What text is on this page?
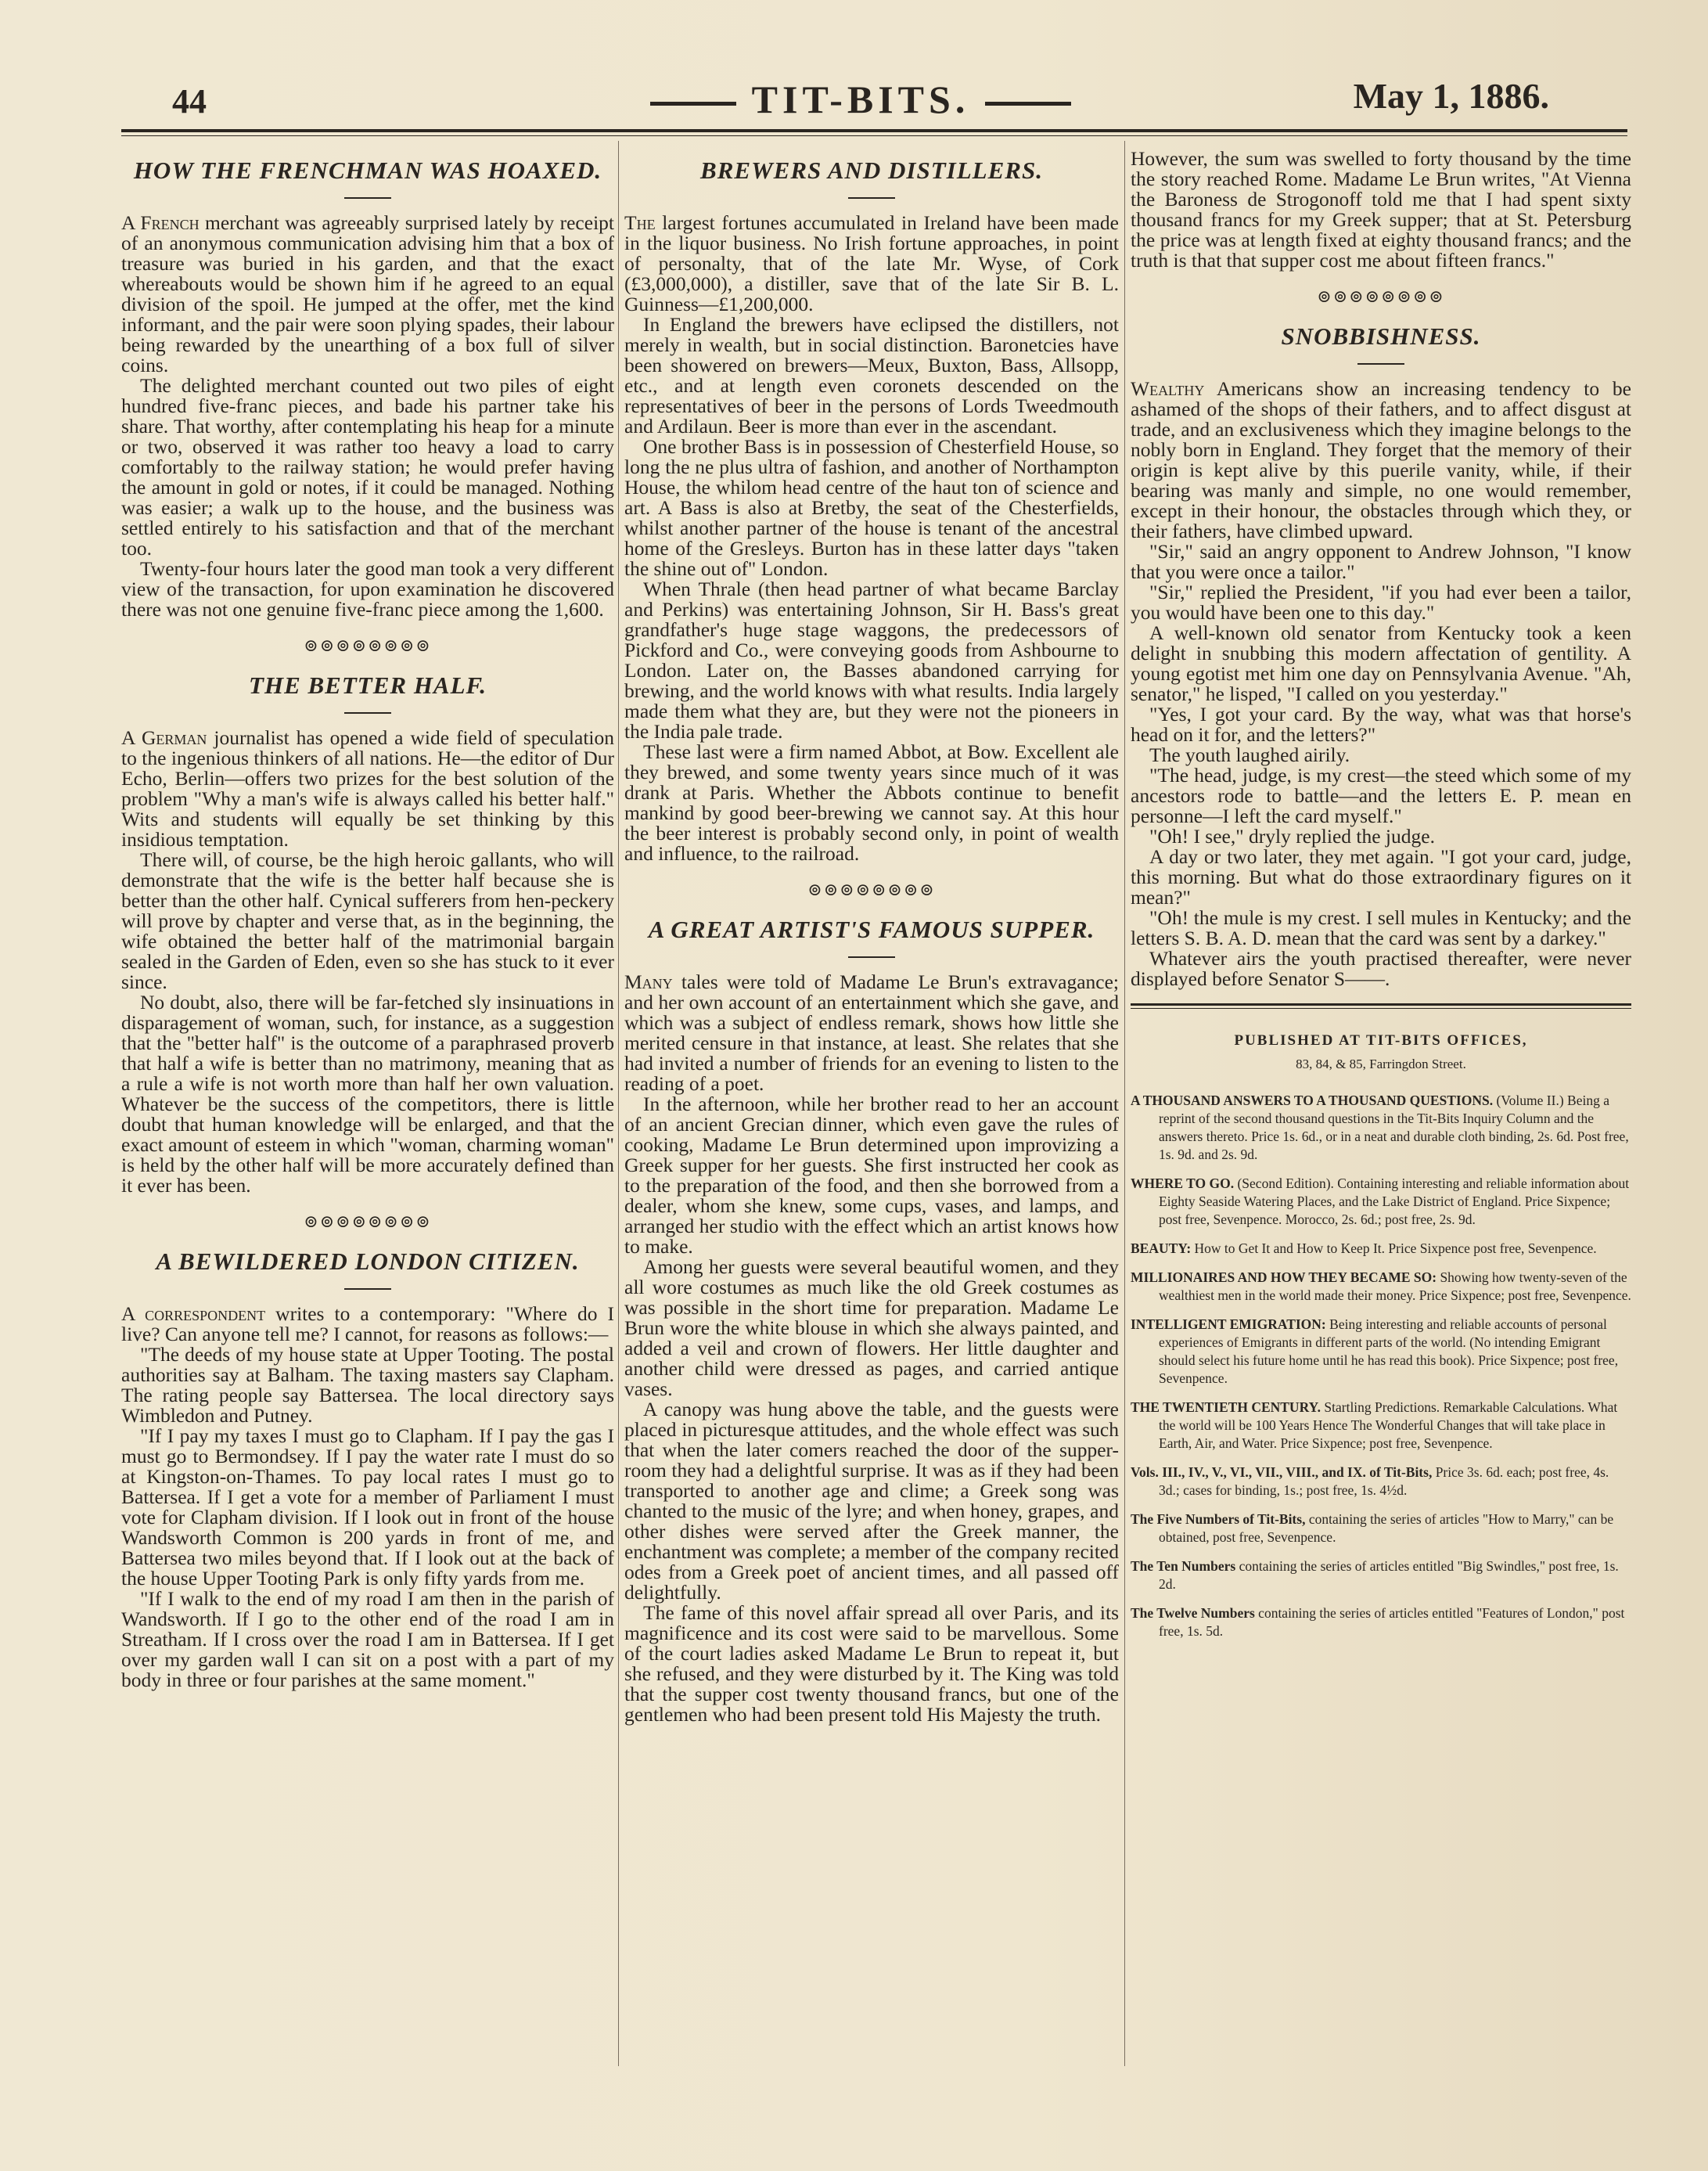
44	TIT-BITS.	May 1, 1886.
HOW THE FRENCHMAN WAS HOAXED.

A French merchant was agreeably surprised lately by receipt of an anonymous communication advising him that a box of treasure was buried in his garden, and that the exact whereabouts would be shown him if he agreed to an equal division of the spoil. He jumped at the offer, met the kind informant, and the pair were soon plying spades, their labour being rewarded by the unearthing of a box full of silver coins.

The delighted merchant counted out two piles of eight hundred five-franc pieces, and bade his partner take his share. That worthy, after contemplating his heap for a minute or two, observed it was rather too heavy a load to carry comfortably to the railway station; he would prefer having the amount in gold or notes, if it could be managed. Nothing was easier; a walk up to the house, and the business was settled entirely to his satisfaction and that of the merchant too.

Twenty-four hours later the good man took a very different view of the transaction, for upon examination he discovered there was not one genuine five-franc piece among the 1,600.

⊚⊚⊚⊚⊚⊚⊚⊚
THE BETTER HALF.

A German journalist has opened a wide field of speculation to the ingenious thinkers of all nations. He—the editor of Dur Echo, Berlin—offers two prizes for the best solution of the problem "Why a man's wife is always called his better half." Wits and students will equally be set thinking by this insidious temptation.

There will, of course, be the high heroic gallants, who will demonstrate that the wife is the better half because she is better than the other half. Cynical sufferers from hen-peckery will prove by chapter and verse that, as in the beginning, the wife obtained the better half of the matrimonial bargain sealed in the Garden of Eden, even so she has stuck to it ever since.

No doubt, also, there will be far-fetched sly insinuations in disparagement of woman, such, for instance, as a suggestion that the "better half" is the outcome of a paraphrased proverb that half a wife is better than no matrimony, meaning that as a rule a wife is not worth more than half her own valuation. Whatever be the success of the competitors, there is little doubt that human knowledge will be enlarged, and that the exact amount of esteem in which "woman, charming woman" is held by the other half will be more accurately defined than it ever has been.

⊚⊚⊚⊚⊚⊚⊚⊚
A BEWILDERED LONDON CITIZEN.

A correspondent writes to a contemporary: "Where do I live? Can anyone tell me? I cannot, for reasons as follows:—

"The deeds of my house state at Upper Tooting. The postal authorities say at Balham. The taxing masters say Clapham. The rating people say Battersea. The local directory says Wimbledon and Putney.

"If I pay my taxes I must go to Clapham. If I pay the gas I must go to Bermondsey. If I pay the water rate I must do so at Kingston-on-Thames. To pay local rates I must go to Battersea. If I get a vote for a member of Parliament I must vote for Clapham division. If I look out in front of the house Wandsworth Common is 200 yards in front of me, and Battersea two miles beyond that. If I look out at the back of the house Upper Tooting Park is only fifty yards from me.

"If I walk to the end of my road I am then in the parish of Wandsworth. If I go to the other end of the road I am in Streatham. If I cross over the road I am in Battersea. If I get over my garden wall I can sit on a post with a part of my body in three or four parishes at the same moment."

BREWERS AND DISTILLERS.

The largest fortunes accumulated in Ireland have been made in the liquor business. No Irish fortune approaches, in point of personalty, that of the late Mr. Wyse, of Cork (£3,000,000), a distiller, save that of the late Sir B. L. Guinness—£1,200,000.

In England the brewers have eclipsed the distillers, not merely in wealth, but in social distinction. Baronetcies have been showered on brewers—Meux, Buxton, Bass, Allsopp, etc., and at length even coronets descended on the representatives of beer in the persons of Lords Tweedmouth and Ardilaun. Beer is more than ever in the ascendant.

One brother Bass is in possession of Chesterfield House, so long the ne plus ultra of fashion, and another of Northampton House, the whilom head centre of the haut ton of science and art. A Bass is also at Bretby, the seat of the Chesterfields, whilst another partner of the house is tenant of the ancestral home of the Gresleys. Burton has in these latter days "taken the shine out of" London.

When Thrale (then head partner of what became Barclay and Perkins) was entertaining Johnson, Sir H. Bass's great grandfather's huge stage waggons, the predecessors of Pickford and Co., were conveying goods from Ashbourne to London. Later on, the Basses abandoned carrying for brewing, and the world knows with what results. India largely made them what they are, but they were not the pioneers in the India pale trade.

These last were a firm named Abbot, at Bow. Excellent ale they brewed, and some twenty years since much of it was drank at Paris. Whether the Abbots continue to benefit mankind by good beer-brewing we cannot say. At this hour the beer interest is probably second only, in point of wealth and influence, to the railroad.

⊚⊚⊚⊚⊚⊚⊚⊚
A GREAT ARTIST'S FAMOUS SUPPER.

Many tales were told of Madame Le Brun's extravagance; and her own account of an entertainment which she gave, and which was a subject of endless remark, shows how little she merited censure in that instance, at least. She relates that she had invited a number of friends for an evening to listen to the reading of a poet.

In the afternoon, while her brother read to her an account of an ancient Grecian dinner, which even gave the rules of cooking, Madame Le Brun determined upon improvizing a Greek supper for her guests. She first instructed her cook as to the preparation of the food, and then she borrowed from a dealer, whom she knew, some cups, vases, and lamps, and arranged her studio with the effect which an artist knows how to make.

Among her guests were several beautiful women, and they all wore costumes as much like the old Greek costumes as was possible in the short time for preparation. Madame Le Brun wore the white blouse in which she always painted, and added a veil and crown of flowers. Her little daughter and another child were dressed as pages, and carried antique vases.

A canopy was hung above the table, and the guests were placed in picturesque attitudes, and the whole effect was such that when the later comers reached the door of the supper-room they had a delightful surprise. It was as if they had been transported to another age and clime; a Greek song was chanted to the music of the lyre; and when honey, grapes, and other dishes were served after the Greek manner, the enchantment was complete; a member of the company recited odes from a Greek poet of ancient times, and all passed off delightfully.

The fame of this novel affair spread all over Paris, and its magnificence and its cost were said to be marvellous. Some of the court ladies asked Madame Le Brun to repeat it, but she refused, and they were disturbed by it. The King was told that the supper cost twenty thousand francs, but one of the gentlemen who had been present told His Majesty the truth.

However, the sum was swelled to forty thousand by the time the story reached Rome. Madame Le Brun writes, "At Vienna the Baroness de Strogonoff told me that I had spent sixty thousand francs for my Greek supper; that at St. Petersburg the price was at length fixed at eighty thousand francs; and the truth is that that supper cost me about fifteen francs."

⊚⊚⊚⊚⊚⊚⊚⊚
SNOBBISHNESS.

Wealthy Americans show an increasing tendency to be ashamed of the shops of their fathers, and to affect disgust at trade, and an exclusiveness which they imagine belongs to the nobly born in England. They forget that the memory of their origin is kept alive by this puerile vanity, while, if their bearing was manly and simple, no one would remember, except in their honour, the obstacles through which they, or their fathers, have climbed upward.

"Sir," said an angry opponent to Andrew Johnson, "I know that you were once a tailor."

"Sir," replied the President, "if you had ever been a tailor, you would have been one to this day."

A well-known old senator from Kentucky took a keen delight in snubbing this modern affectation of gentility. A young egotist met him one day on Pennsylvania Avenue. "Ah, senator," he lisped, "I called on you yesterday."

"Yes, I got your card. By the way, what was that horse's head on it for, and the letters?"

The youth laughed airily.

"The head, judge, is my crest—the steed which some of my ancestors rode to battle—and the letters E. P. mean en personne—I left the card myself."

"Oh! I see," dryly replied the judge.

A day or two later, they met again. "I got your card, judge, this morning. But what do those extraordinary figures on it mean?"

"Oh! the mule is my crest. I sell mules in Kentucky; and the letters S. B. A. D. mean that the card was sent by a darkey."

Whatever airs the youth practised thereafter, were never displayed before Senator S——.

PUBLISHED AT TIT-BITS OFFICES,
83, 84, & 85, Farringdon Street.
A THOUSAND ANSWERS TO A THOUSAND QUESTIONS. (Volume II.) Being a reprint of the second thousand questions in the Tit-Bits Inquiry Column and the answers thereto. Price 1s. 6d., or in a neat and durable cloth binding, 2s. 6d. Post free, 1s. 9d. and 2s. 9d.
WHERE TO GO. (Second Edition). Containing interesting and reliable information about Eighty Seaside Watering Places, and the Lake District of England. Price Sixpence; post free, Sevenpence. Morocco, 2s. 6d.; post free, 2s. 9d.
BEAUTY: How to Get It and How to Keep It. Price Sixpence post free, Sevenpence.
MILLIONAIRES AND HOW THEY BECAME SO: Showing how twenty-seven of the wealthiest men in the world made their money. Price Sixpence; post free, Sevenpence.
INTELLIGENT EMIGRATION: Being interesting and reliable accounts of personal experiences of Emigrants in different parts of the world. (No intending Emigrant should select his future home until he has read this book). Price Sixpence; post free, Sevenpence.
THE TWENTIETH CENTURY. Startling Predictions. Remarkable Calculations. What the world will be 100 Years Hence The Wonderful Changes that will take place in Earth, Air, and Water. Price Sixpence; post free, Sevenpence.
Vols. III., IV., V., VI., VII., VIII., and IX. of Tit-Bits, Price 3s. 6d. each; post free, 4s. 3d.; cases for binding, 1s.; post free, 1s. 4½d.
The Five Numbers of Tit-Bits, containing the series of articles "How to Marry," can be obtained, post free, Sevenpence.
The Ten Numbers containing the series of articles entitled "Big Swindles," post free, 1s. 2d.
The Twelve Numbers containing the series of articles entitled "Features of London," post free, 1s. 5d.
